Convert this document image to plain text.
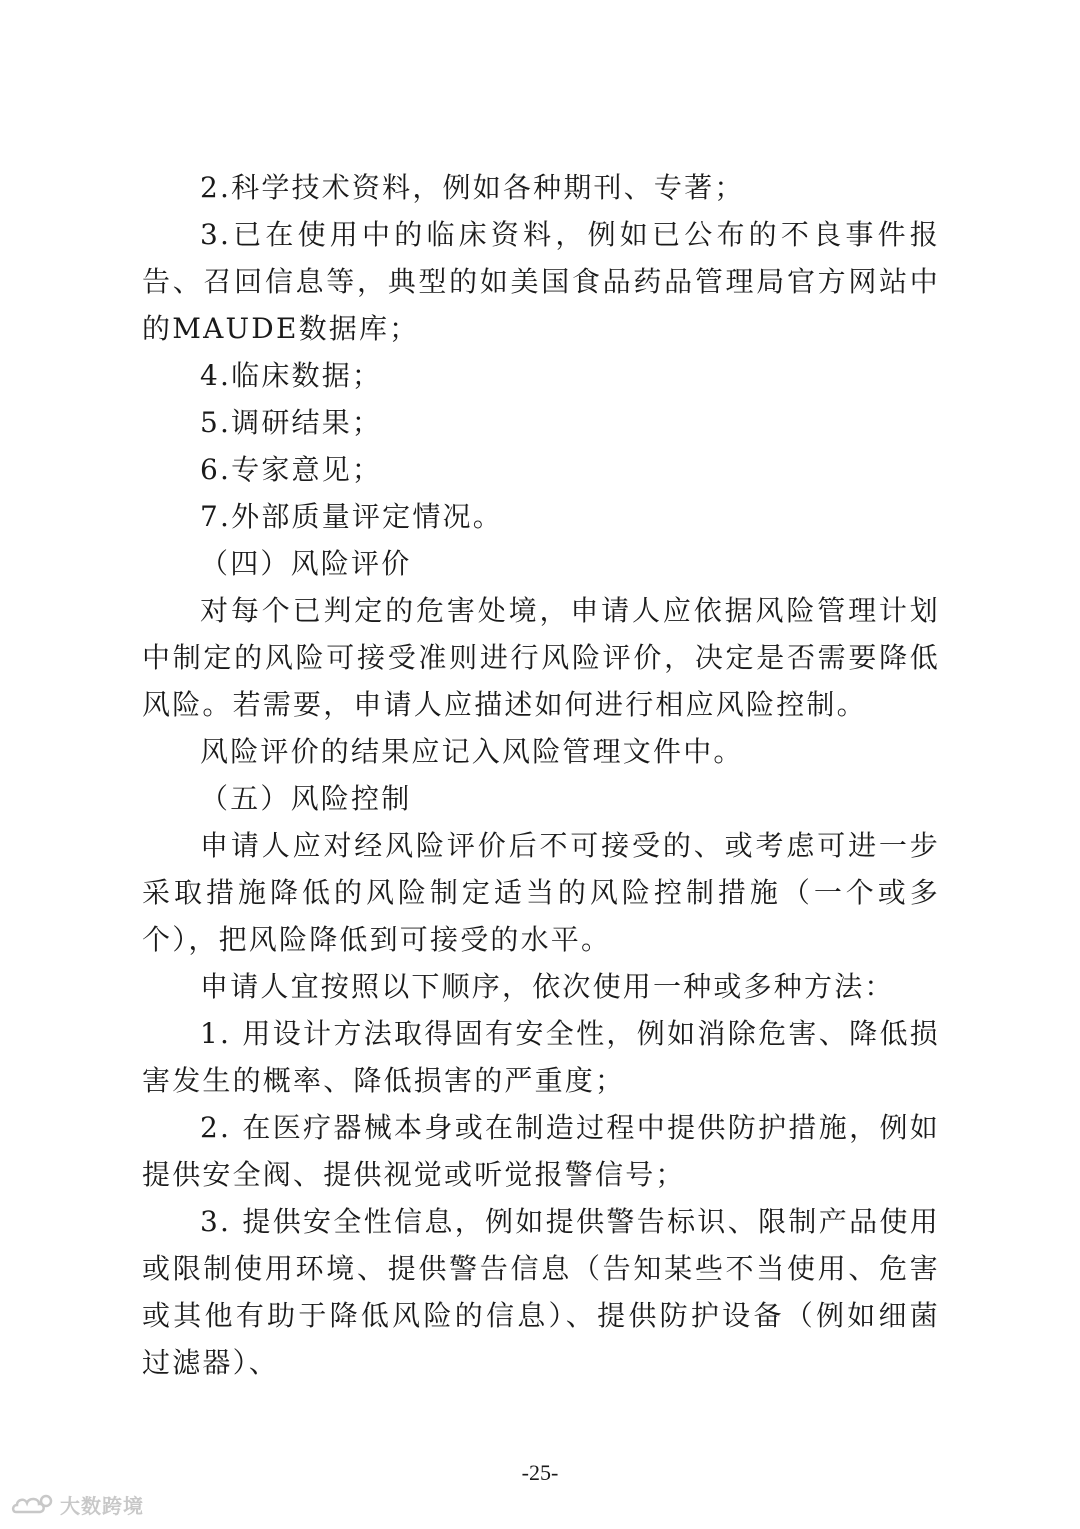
2.科学技术资料，例如各种期刊、专著；

3.已在使用中的临床资料，例如已公布的不良事件报告、召回信息等，典型的如美国食品药品管理局官方网站中的MAUDE数据库；

4.临床数据；

5.调研结果；

6.专家意见；

7.外部质量评定情况。

（四）风险评价

对每个已判定的危害处境，申请人应依据风险管理计划中制定的风险可接受准则进行风险评价，决定是否需要降低风险。若需要，申请人应描述如何进行相应风险控制。

风险评价的结果应记入风险管理文件中。

（五）风险控制

申请人应对经风险评价后不可接受的、或考虑可进一步采取措施降低的风险制定适当的风险控制措施（一个或多个），把风险降低到可接受的水平。

申请人宜按照以下顺序，依次使用一种或多种方法：

1. 用设计方法取得固有安全性，例如消除危害、降低损害发生的概率、降低损害的严重度；

2. 在医疗器械本身或在制造过程中提供防护措施，例如提供安全阀、提供视觉或听觉报警信号；

3. 提供安全性信息，例如提供警告标识、限制产品使用或限制使用环境、提供警告信息（告知某些不当使用、危害或其他有助于降低风险的信息）、提供防护设备（例如细菌过滤器）、

-25-
大数跨境
